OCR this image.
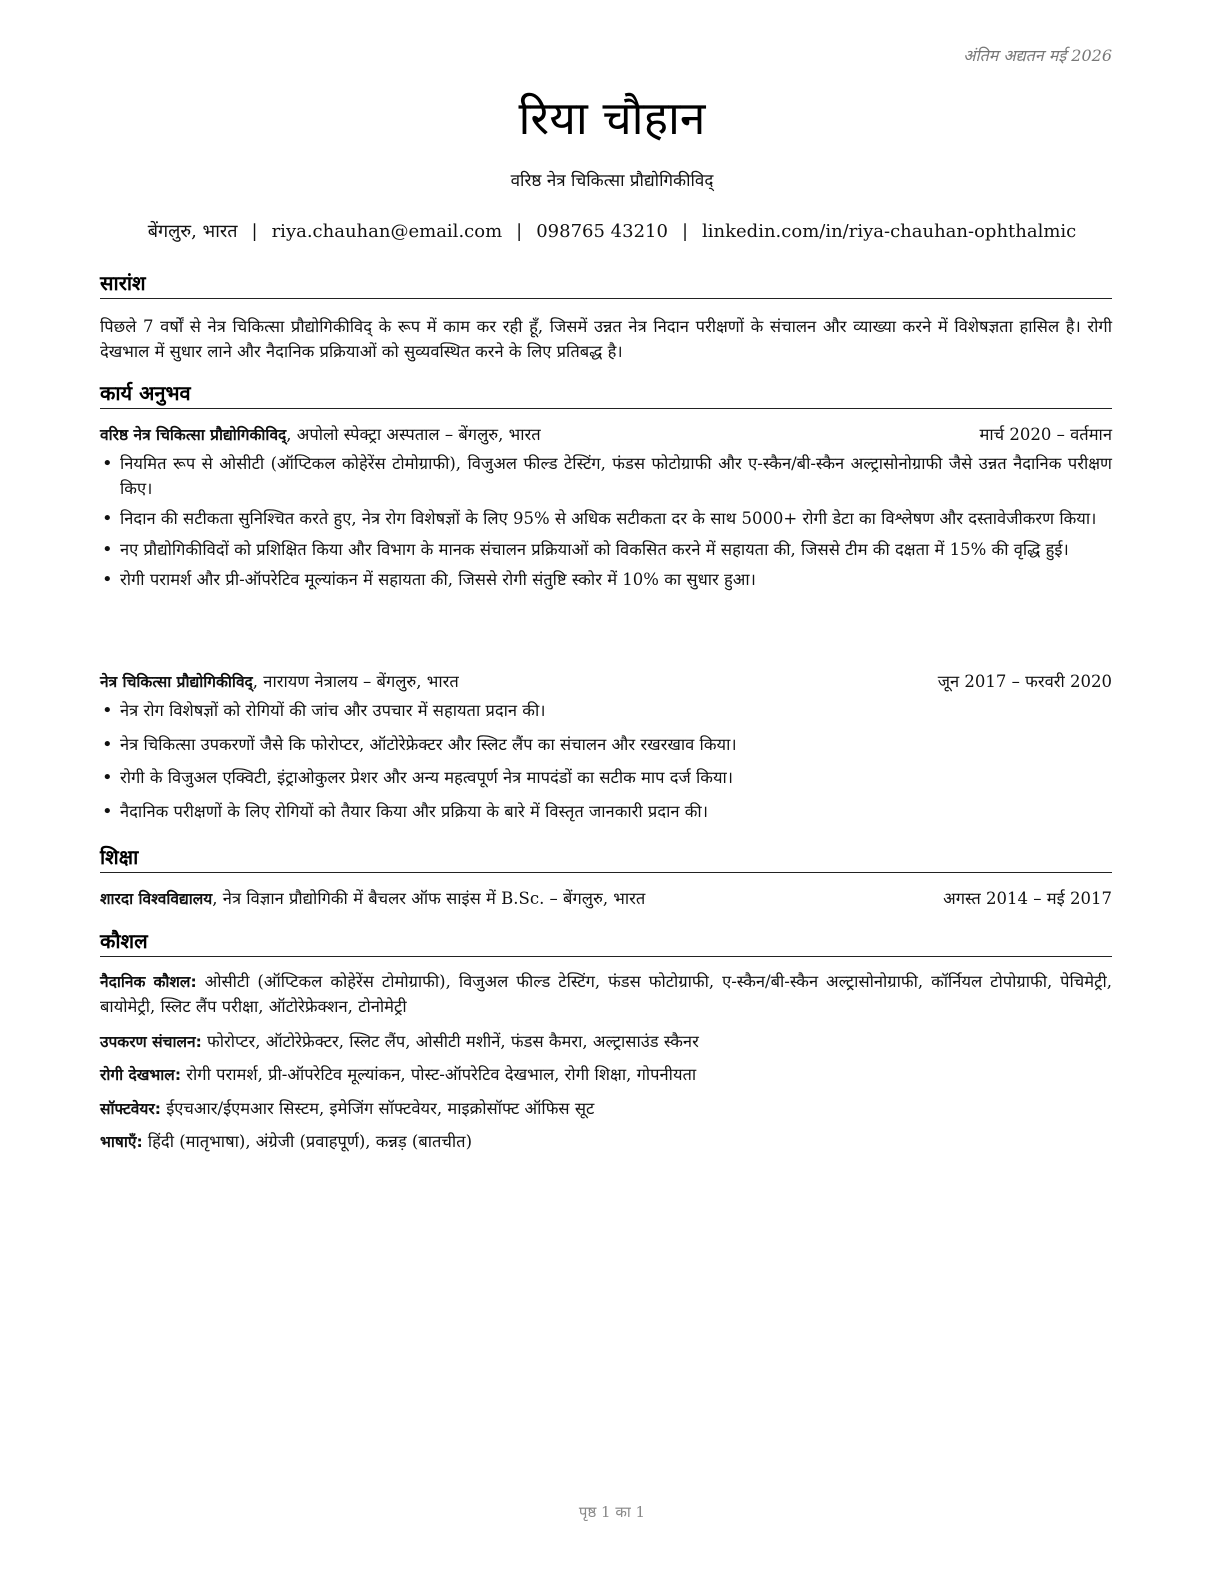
अंतिम अद्यतन मई 2026
रिया चौहान
वरिष्ठ नेत्र चिकित्सा प्रौद्योगिकीविद्
बेंगलुरु, भारत | riya.chauhan@email.com | 098765 43210 | linkedin.com/in/riya-chauhan-ophthalmic
सारांश
पिछले 7 वर्षों से नेत्र चिकित्सा प्रौद्योगिकीविद् के रूप में काम कर रही हूँ, जिसमें उन्नत नेत्र निदान परीक्षणों के संचालन और व्याख्या करने में विशेषज्ञता हासिल है। रोगी देखभाल में सुधार लाने और नैदानिक प्रक्रियाओं को सुव्यवस्थित करने के लिए प्रतिबद्ध है।
कार्य अनुभव
वरिष्ठ नेत्र चिकित्सा प्रौद्योगिकीविद्, अपोलो स्पेक्ट्रा अस्पताल – बेंगलुरु, भारत	मार्च 2020 – वर्तमान
• नियमित रूप से ओसीटी (ऑप्टिकल कोहेरेंस टोमोग्राफी), विजुअल फील्ड टेस्टिंग, फंडस फोटोग्राफी और ए-स्कैन/बी-स्कैन अल्ट्रासोनोग्राफी जैसे उन्नत नैदानिक परीक्षण किए।
• निदान की सटीकता सुनिश्चित करते हुए, नेत्र रोग विशेषज्ञों के लिए 95% से अधिक सटीकता दर के साथ 5000+ रोगी डेटा का विश्लेषण और दस्तावेजीकरण किया।
• नए प्रौद्योगिकीविदों को प्रशिक्षित किया और विभाग के मानक संचालन प्रक्रियाओं को विकसित करने में सहायता की, जिससे टीम की दक्षता में 15% की वृद्धि हुई।
• रोगी परामर्श और प्री-ऑपरेटिव मूल्यांकन में सहायता की, जिससे रोगी संतुष्टि स्कोर में 10% का सुधार हुआ।
नेत्र चिकित्सा प्रौद्योगिकीविद्, नारायण नेत्रालय – बेंगलुरु, भारत	जून 2017 – फरवरी 2020
• नेत्र रोग विशेषज्ञों को रोगियों की जांच और उपचार में सहायता प्रदान की।
• नेत्र चिकित्सा उपकरणों जैसे कि फोरोप्टर, ऑटोरेफ्रेक्टर और स्लिट लैंप का संचालन और रखरखाव किया।
• रोगी के विजुअल एक्विटी, इंट्राओकुलर प्रेशर और अन्य महत्वपूर्ण नेत्र मापदंडों का सटीक माप दर्ज किया।
• नैदानिक परीक्षणों के लिए रोगियों को तैयार किया और प्रक्रिया के बारे में विस्तृत जानकारी प्रदान की।
शिक्षा
शारदा विश्वविद्यालय, नेत्र विज्ञान प्रौद्योगिकी में बैचलर ऑफ साइंस में B.Sc. – बेंगलुरु, भारत	अगस्त 2014 – मई 2017
कौशल
नैदानिक कौशल: ओसीटी (ऑप्टिकल कोहेरेंस टोमोग्राफी), विजुअल फील्ड टेस्टिंग, फंडस फोटोग्राफी, ए-स्कैन/बी-स्कैन अल्ट्रासोनोग्राफी, कॉर्नियल टोपोग्राफी, पेचिमेट्री, बायोमेट्री, स्लिट लैंप परीक्षा, ऑटोरेफ्रेक्शन, टोनोमेट्री
उपकरण संचालन: फोरोप्टर, ऑटोरेफ्रेक्टर, स्लिट लैंप, ओसीटी मशीनें, फंडस कैमरा, अल्ट्रासाउंड स्कैनर
रोगी देखभाल: रोगी परामर्श, प्री-ऑपरेटिव मूल्यांकन, पोस्ट-ऑपरेटिव देखभाल, रोगी शिक्षा, गोपनीयता
सॉफ्टवेयर: ईएचआर/ईएमआर सिस्टम, इमेजिंग सॉफ्टवेयर, माइक्रोसॉफ्ट ऑफिस सूट
भाषाएँ: हिंदी (मातृभाषा), अंग्रेजी (प्रवाहपूर्ण), कन्नड़ (बातचीत)
पृष्ठ 1 का 1
